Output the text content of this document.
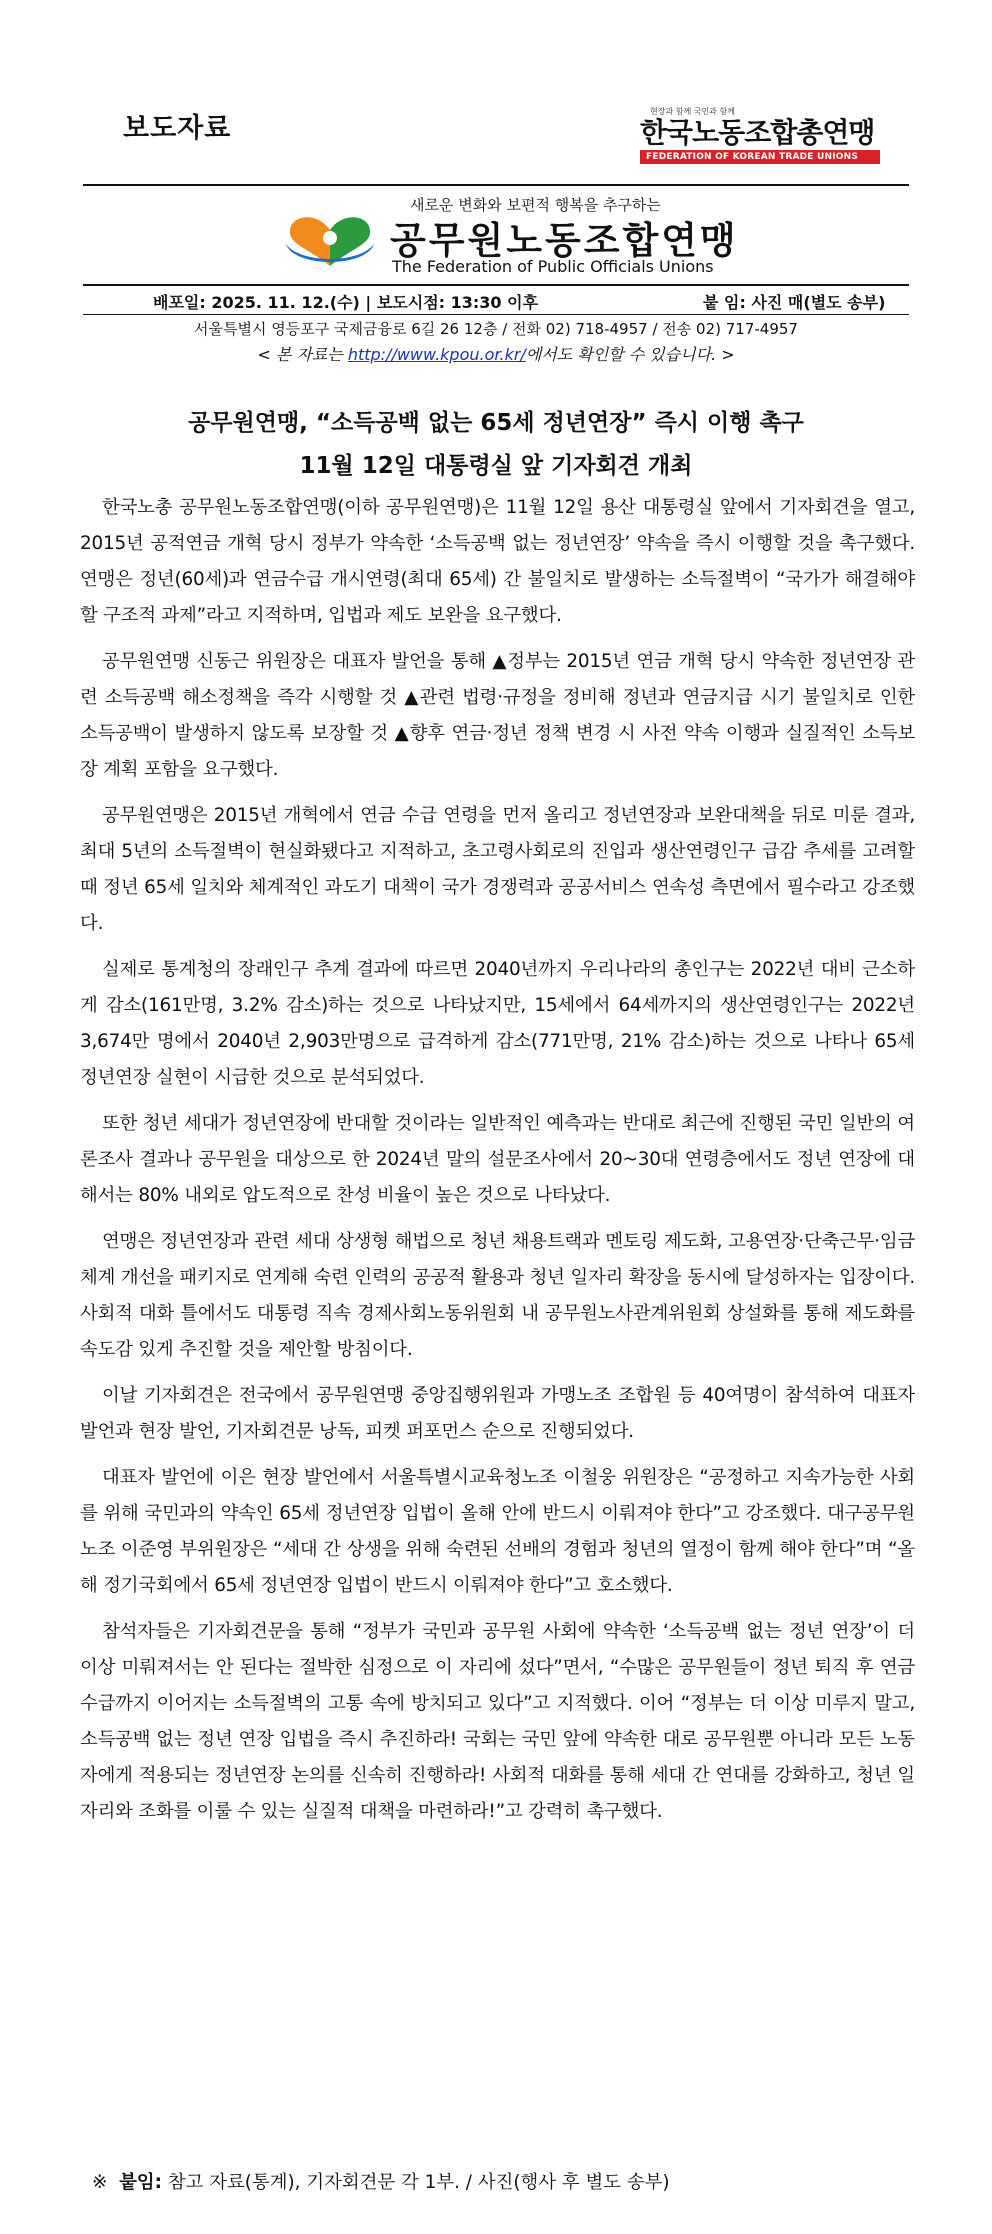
보도자료
현장과 함께 국민과 함께
한국노동조합총연맹
FEDERATION OF KOREAN TRADE UNIONS
새로운 변화와 보편적 행복을 추구하는
공무원노동조합연맹
The Federation of Public Officials Unions
배포일: 2025. 11. 12.(수) | 보도시점: 13:30 이후	붙 임: 사진 매(별도 송부)
서울특별시 영등포구 국제금융로 6길 26 12층 / 전화 02) 718-4957 / 전송 02) 717-4957
< 본 자료는 http://www.kpou.or.kr/에서도 확인할 수 있습니다. >
공무원연맹, “소득공백 없는 65세 정년연장” 즉시 이행 촉구
11월 12일 대통령실 앞 기자회견 개최

한국노총 공무원노동조합연맹(이하 공무원연맹)은 11월 12일 용산 대통령실 앞에서 기자회견을 열고, 2015년 공적연금 개혁 당시 정부가 약속한 ‘소득공백 없는 정년연장’ 약속을 즉시 이행할 것을 촉구했다. 연맹은 정년(60세)과 연금수급 개시연령(최대 65세) 간 불일치로 발생하는 소득절벽이 “국가가 해결해야 할 구조적 과제”라고 지적하며, 입법과 제도 보완을 요구했다.

공무원연맹 신동근 위원장은 대표자 발언을 통해 ▲정부는 2015년 연금 개혁 당시 약속한 정년연장 관련 소득공백 해소정책을 즉각 시행할 것 ▲관련 법령·규정을 정비해 정년과 연금지급 시기 불일치로 인한 소득공백이 발생하지 않도록 보장할 것 ▲향후 연금·정년 정책 변경 시 사전 약속 이행과 실질적인 소득보장 계획 포함을 요구했다.

공무원연맹은 2015년 개혁에서 연금 수급 연령을 먼저 올리고 정년연장과 보완대책을 뒤로 미룬 결과, 최대 5년의 소득절벽이 현실화됐다고 지적하고, 초고령사회로의 진입과 생산연령인구 급감 추세를 고려할 때 정년 65세 일치와 체계적인 과도기 대책이 국가 경쟁력과 공공서비스 연속성 측면에서 필수라고 강조했다.

실제로 통계청의 장래인구 추계 결과에 따르면 2040년까지 우리나라의 총인구는 2022년 대비 근소하게 감소(161만명, 3.2% 감소)하는 것으로 나타났지만, 15세에서 64세까지의 생산연령인구는 2022년 3,674만 명에서 2040년 2,903만명으로 급격하게 감소(771만명, 21% 감소)하는 것으로 나타나 65세 정년연장 실현이 시급한 것으로 분석되었다.

또한 청년 세대가 정년연장에 반대할 것이라는 일반적인 예측과는 반대로 최근에 진행된 국민 일반의 여론조사 결과나 공무원을 대상으로 한 2024년 말의 설문조사에서 20~30대 연령층에서도 정년 연장에 대해서는 80% 내외로 압도적으로 찬성 비율이 높은 것으로 나타났다.

연맹은 정년연장과 관련 세대 상생형 해법으로 청년 채용트랙과 멘토링 제도화, 고용연장·단축근무·임금체계 개선을 패키지로 연계해 숙련 인력의 공공적 활용과 청년 일자리 확장을 동시에 달성하자는 입장이다. 사회적 대화 틀에서도 대통령 직속 경제사회노동위원회 내 공무원노사관계위원회 상설화를 통해 제도화를 속도감 있게 추진할 것을 제안할 방침이다.

이날 기자회견은 전국에서 공무원연맹 중앙집행위원과 가맹노조 조합원 등 40여명이 참석하여 대표자 발언과 현장 발언, 기자회견문 낭독, 피켓 퍼포먼스 순으로 진행되었다.

대표자 발언에 이은 현장 발언에서 서울특별시교육청노조 이철웅 위원장은 “공정하고 지속가능한 사회를 위해 국민과의 약속인 65세 정년연장 입법이 올해 안에 반드시 이뤄져야 한다”고 강조했다. 대구공무원노조 이준영 부위원장은 “세대 간 상생을 위해 숙련된 선배의 경험과 청년의 열정이 함께 해야 한다”며 “올해 정기국회에서 65세 정년연장 입법이 반드시 이뤄져야 한다”고 호소했다.

참석자들은 기자회견문을 통해 “정부가 국민과 공무원 사회에 약속한 ‘소득공백 없는 정년 연장’이 더 이상 미뤄져서는 안 된다는 절박한 심정으로 이 자리에 섰다”면서, “수많은 공무원들이 정년 퇴직 후 연금 수급까지 이어지는 소득절벽의 고통 속에 방치되고 있다”고 지적했다. 이어 “정부는 더 이상 미루지 말고, 소득공백 없는 정년 연장 입법을 즉시 추진하라! 국회는 국민 앞에 약속한 대로 공무원뿐 아니라 모든 노동자에게 적용되는 정년연장 논의를 신속히 진행하라! 사회적 대화를 통해 세대 간 연대를 강화하고, 청년 일자리와 조화를 이룰 수 있는 실질적 대책을 마련하라!”고 강력히 촉구했다.

※ 붙임: 참고 자료(통계), 기자회견문 각 1부. / 사진(행사 후 별도 송부)
